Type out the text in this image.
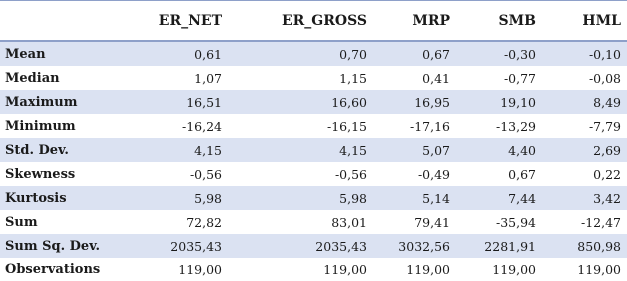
	ER_NET	ER_GROSS	MRP	SMB	HML
Mean	0,61	0,70	0,67	-0,30	-0,10
Median	1,07	1,15	0,41	-0,77	-0,08
Maximum	16,51	16,60	16,95	19,10	8,49
Minimum	-16,24	-16,15	-17,16	-13,29	-7,79
Std. Dev.	4,15	4,15	5,07	4,40	2,69
Skewness	-0,56	-0,56	-0,49	0,67	0,22
Kurtosis	5,98	5,98	5,14	7,44	3,42
Sum	72,82	83,01	79,41	-35,94	-12,47
Sum Sq. Dev.	2035,43	2035,43	3032,56	2281,91	850,98
Observations	119,00	119,00	119,00	119,00	119,00
